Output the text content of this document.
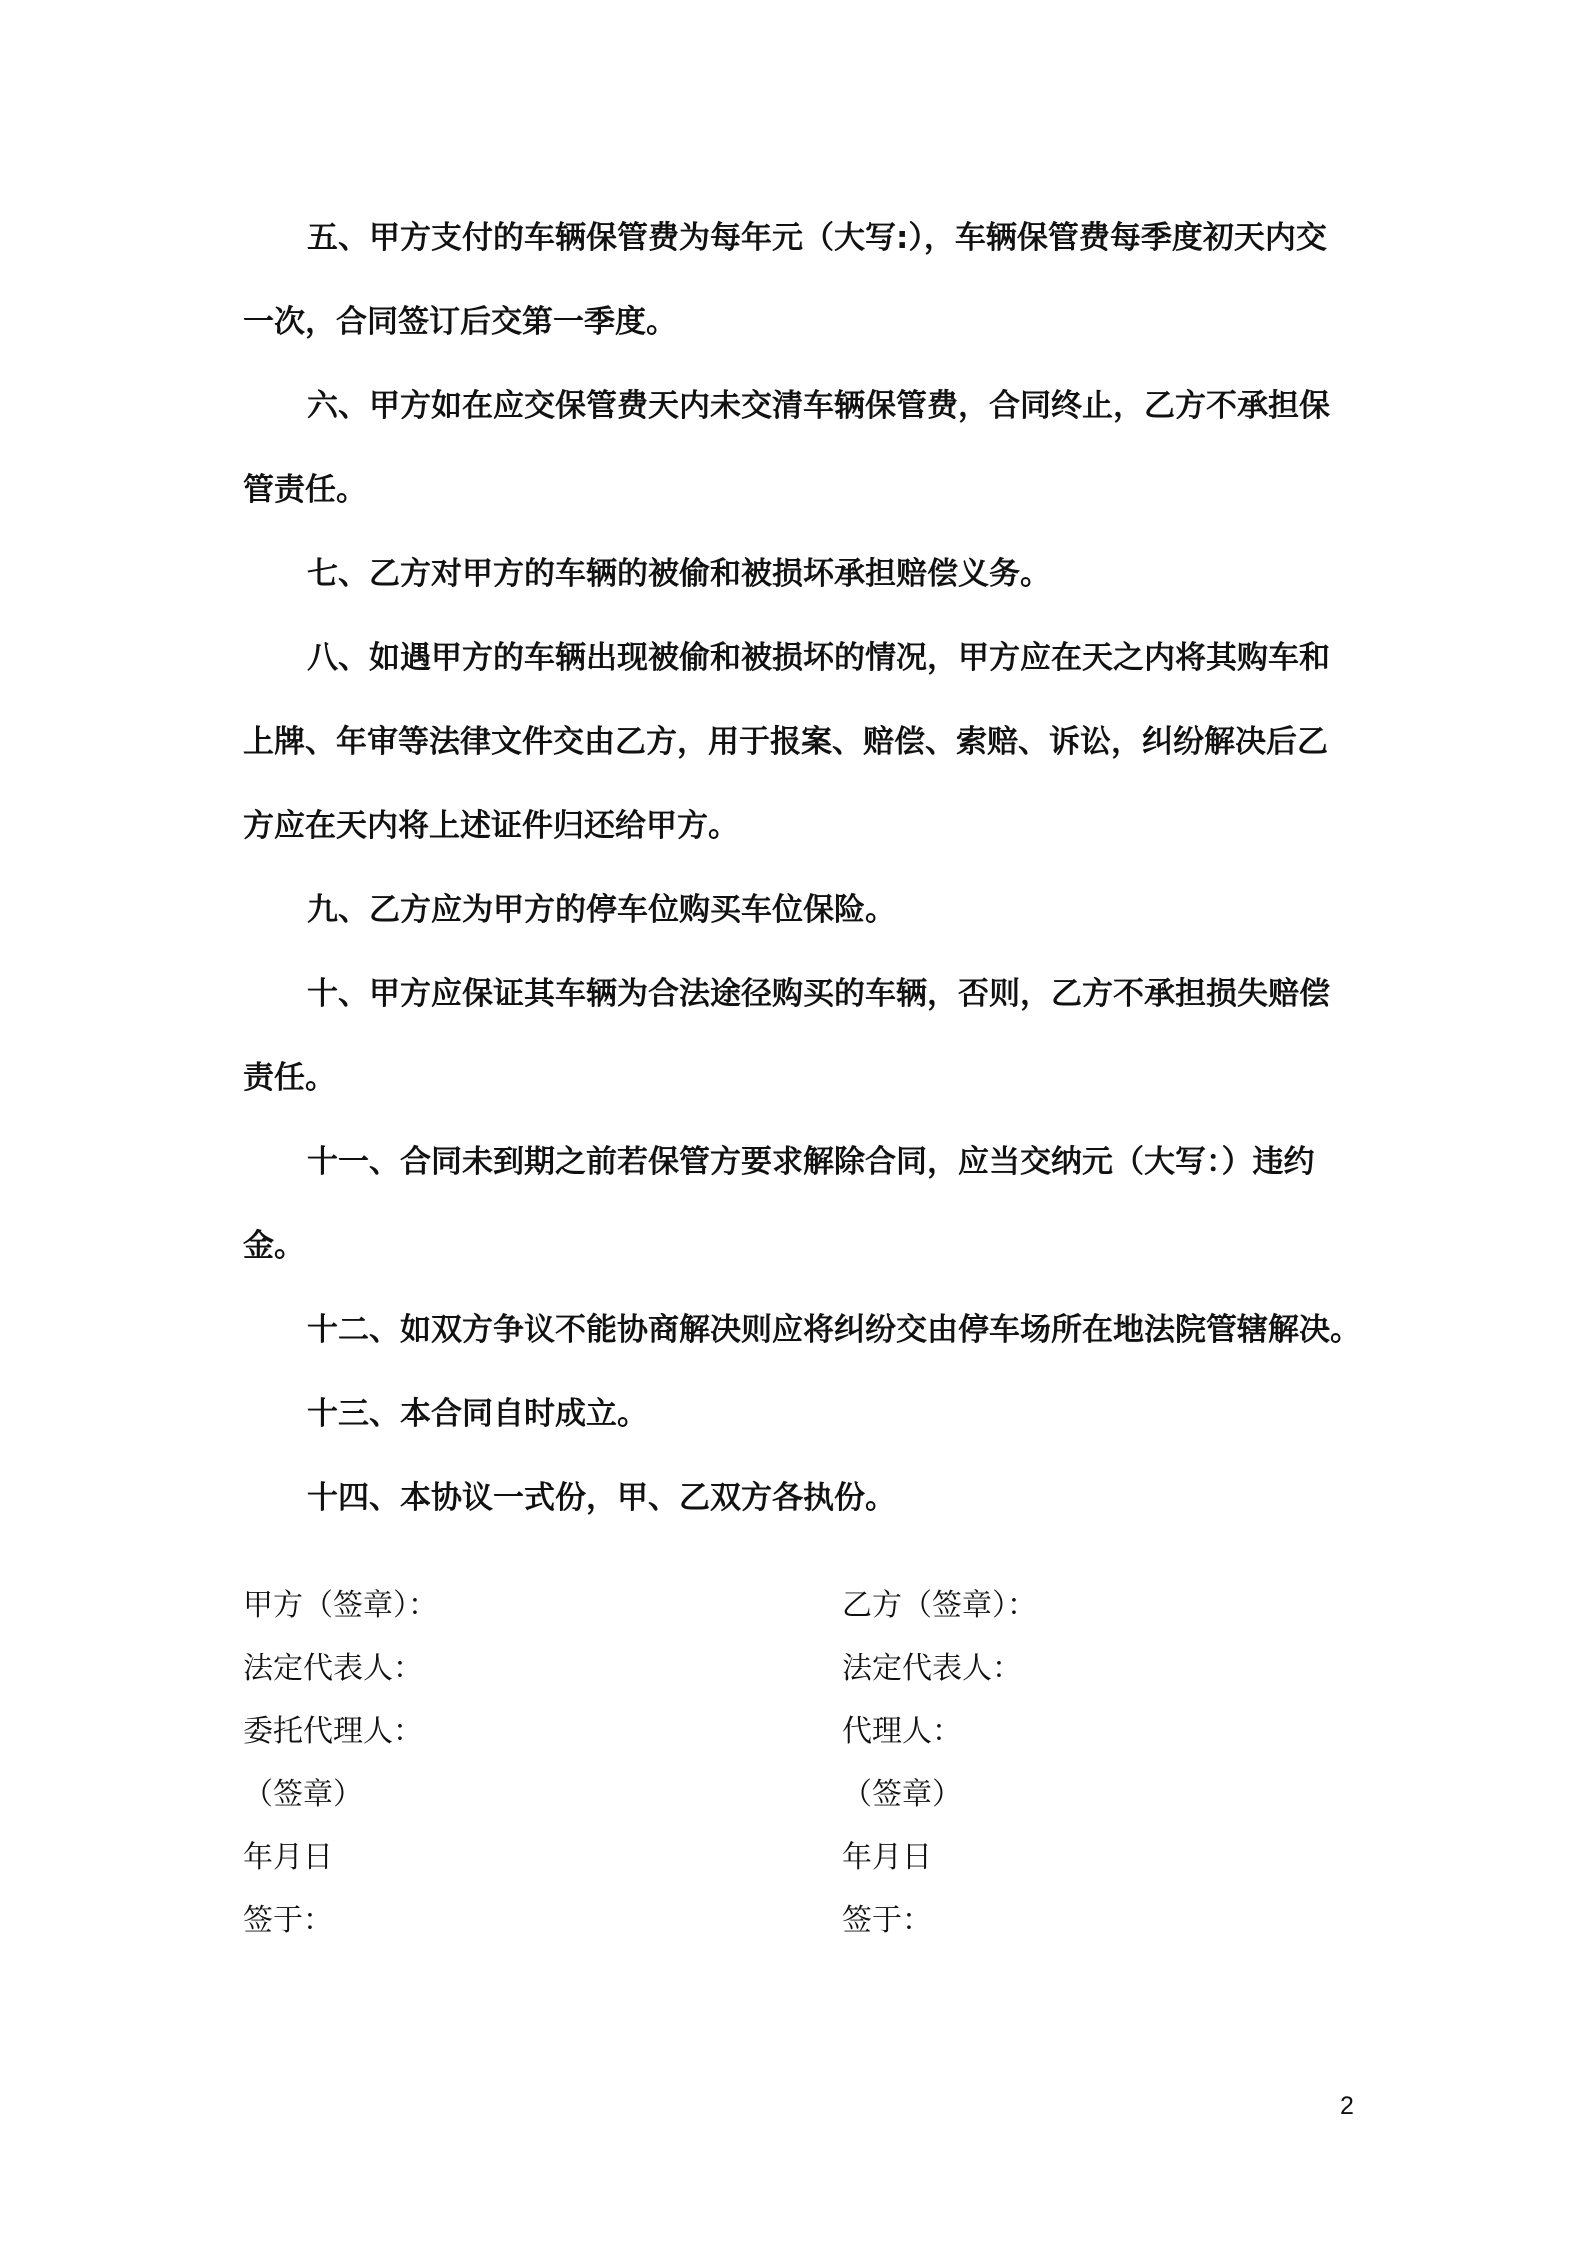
五、甲方支付的车辆保管费为每年元（大写:），车辆保管费每季度初天内交
一次，合同签订后交第一季度。

六、甲方如在应交保管费天内未交清车辆保管费，合同终止，乙方不承担保
管责任。

七、乙方对甲方的车辆的被偷和被损坏承担赔偿义务。

八、如遇甲方的车辆出现被偷和被损坏的情况，甲方应在天之内将其购车和
上牌、年审等法律文件交由乙方，用于报案、赔偿、索赔、诉讼，纠纷解决后乙
方应在天内将上述证件归还给甲方。

九、乙方应为甲方的停车位购买车位保险。

十、甲方应保证其车辆为合法途径购买的车辆，否则，乙方不承担损失赔偿
责任。

十一、合同未到期之前若保管方要求解除合同，应当交纳元（大写：）违约
金。

十二、如双方争议不能协商解决则应将纠纷交由停车场所在地法院管辖解决。

十三、本合同自时成立。

十四、本协议一式份，甲、乙双方各执份。

甲方（签章）：
法定代表人：
委托代理人：
（签章）
年月日
签于：
乙方（签章）：
法定代表人：
代理人：
（签章）
年月日
签于：
2
